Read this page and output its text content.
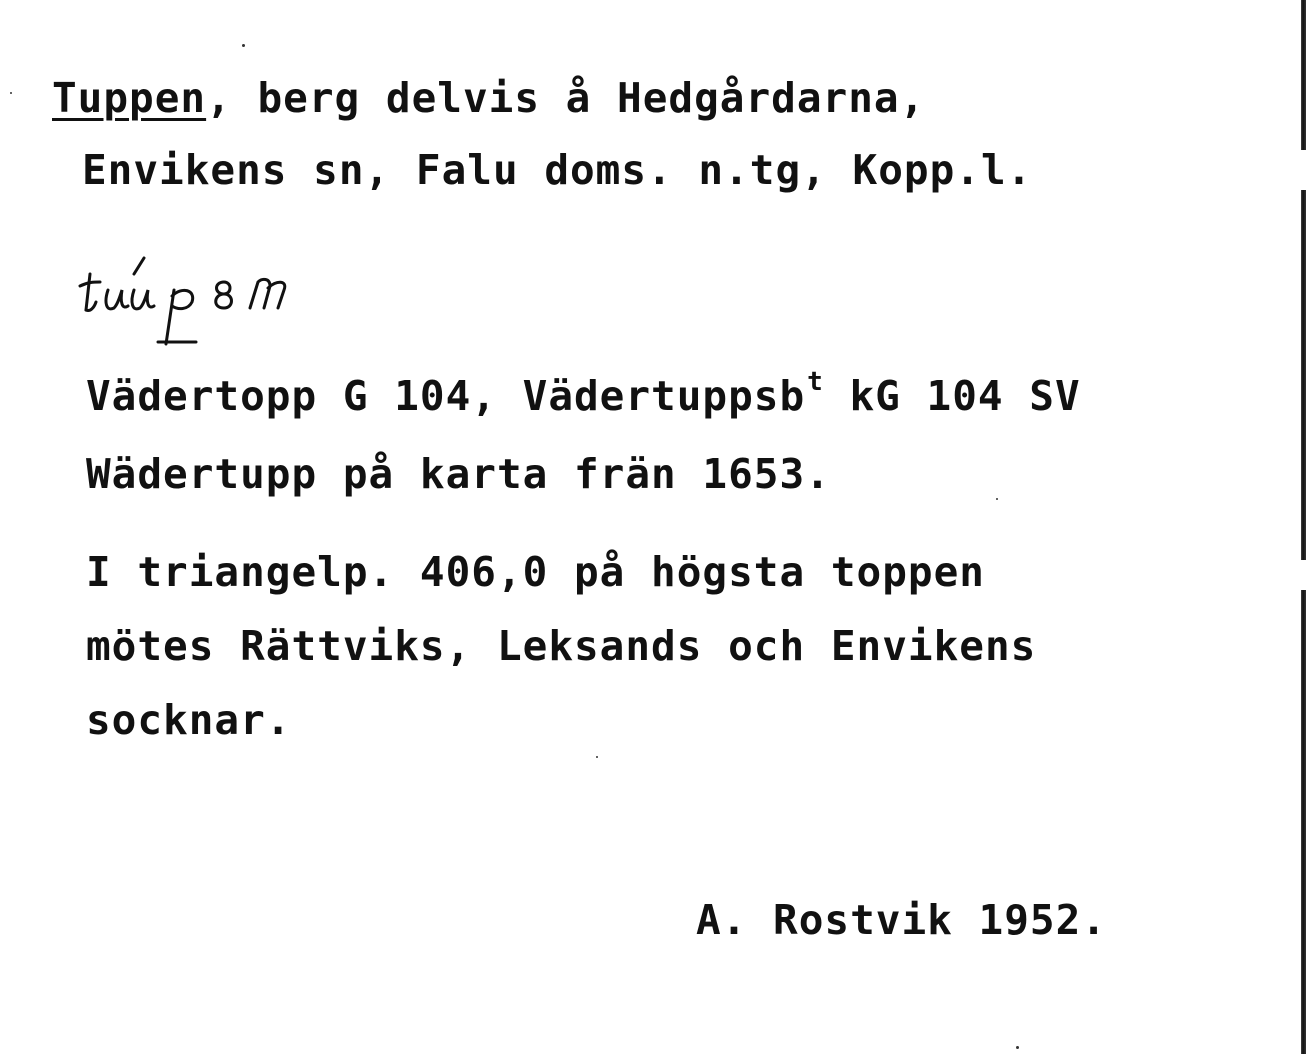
Tuppen, berg delvis å Hedgårdarna,
Envikens sn, Falu doms. n.tg, Kopp.l.
Vädertopp G 104, Vädertuppsb$^t$ kG 104 SV
Wädertupp på karta frän 1653.
I triangelp. 406,0 på högsta toppen
mötes Rättviks, Leksands och Envikens
socknar.
A. Rostvik 1952.
